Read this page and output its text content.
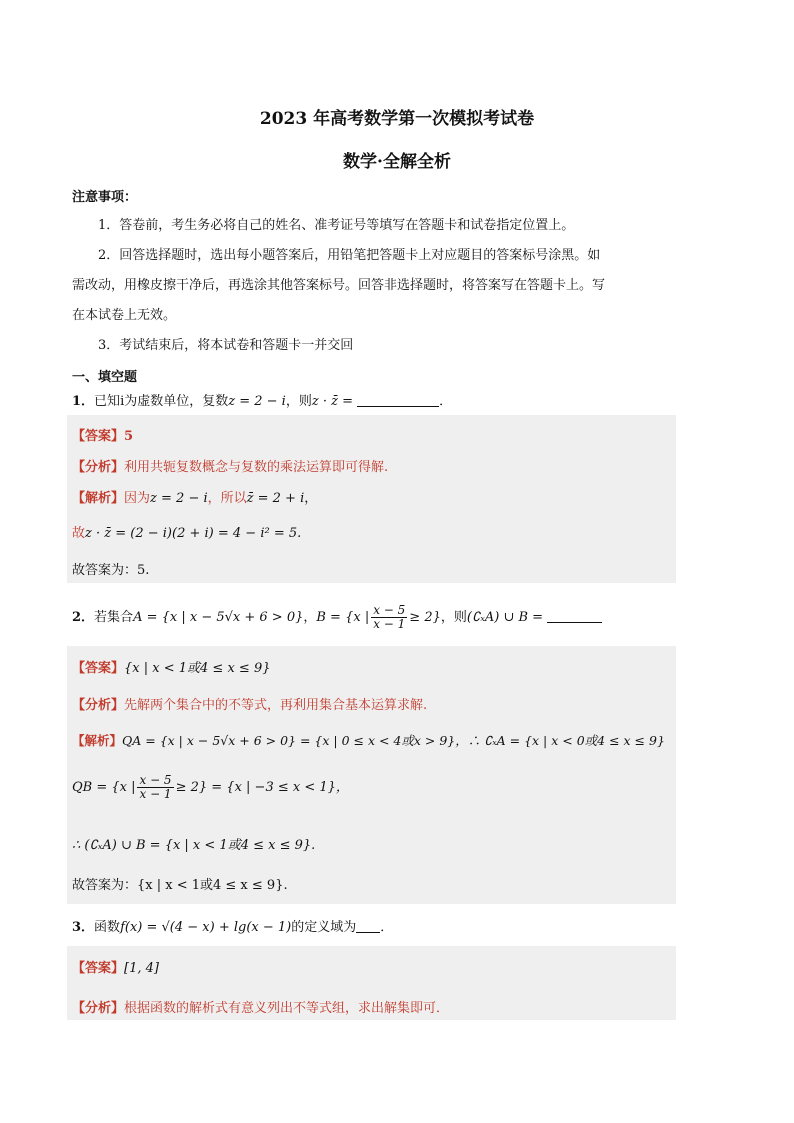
2023 年高考数学第一次模拟考试卷
数学·全解全析
注意事项：

1．答卷前，考生务必将自己的姓名、准考证号等填写在答题卡和试卷指定位置上。

2．回答选择题时，选出每小题答案后，用铅笔把答题卡上对应题目的答案标号涂黑。如

需改动，用橡皮擦干净后，再选涂其他答案标号。回答非选择题时，将答案写在答题卡上。写

在本试卷上无效。

3．考试结束后，将本试卷和答题卡一并交回

一、填空题
1．已知i为虚数单位，复数z = 2 − i，则z · z̄ =	．
【答案】5
【分析】利用共轭复数概念与复数的乘法运算即可得解.
【解析】因为z = 2 − i，所以z̄ = 2 + i，
故z · z̄ = (2 − i)(2 + i) = 4 − i² = 5.
故答案为：5.
2．若集合A = {x | x − 5√x + 6 > 0}，B = {x | $\frac{x - 5}{x - 1} \ge 2$}，则(∁ₓA) ∪ B =
【答案】{x | x < 1或4 ≤ x ≤ 9}
【分析】先解两个集合中的不等式，再利用集合基本运算求解.
【解析】QA = {x | x − 5√x + 6 > 0} = {x | 0 ≤ x < 4或x > 9}，∴ ∁ₓA = {x | x < 0或4 ≤ x ≤ 9}
QB = {x | $\frac{x - 5}{x - 1} \ge 2\} = \{x$ | −3 ≤ x < 1}，
∴ (∁ₓA) ∪ B = {x | x < 1或4 ≤ x ≤ 9}.
故答案为：{x | x < 1或4 ≤ x ≤ 9}.
3．函数f(x) = √(4 − x) + lg(x − 1)的定义域为 ．
【答案】[1, 4]
【分析】根据函数的解析式有意义列出不等式组，求出解集即可．
